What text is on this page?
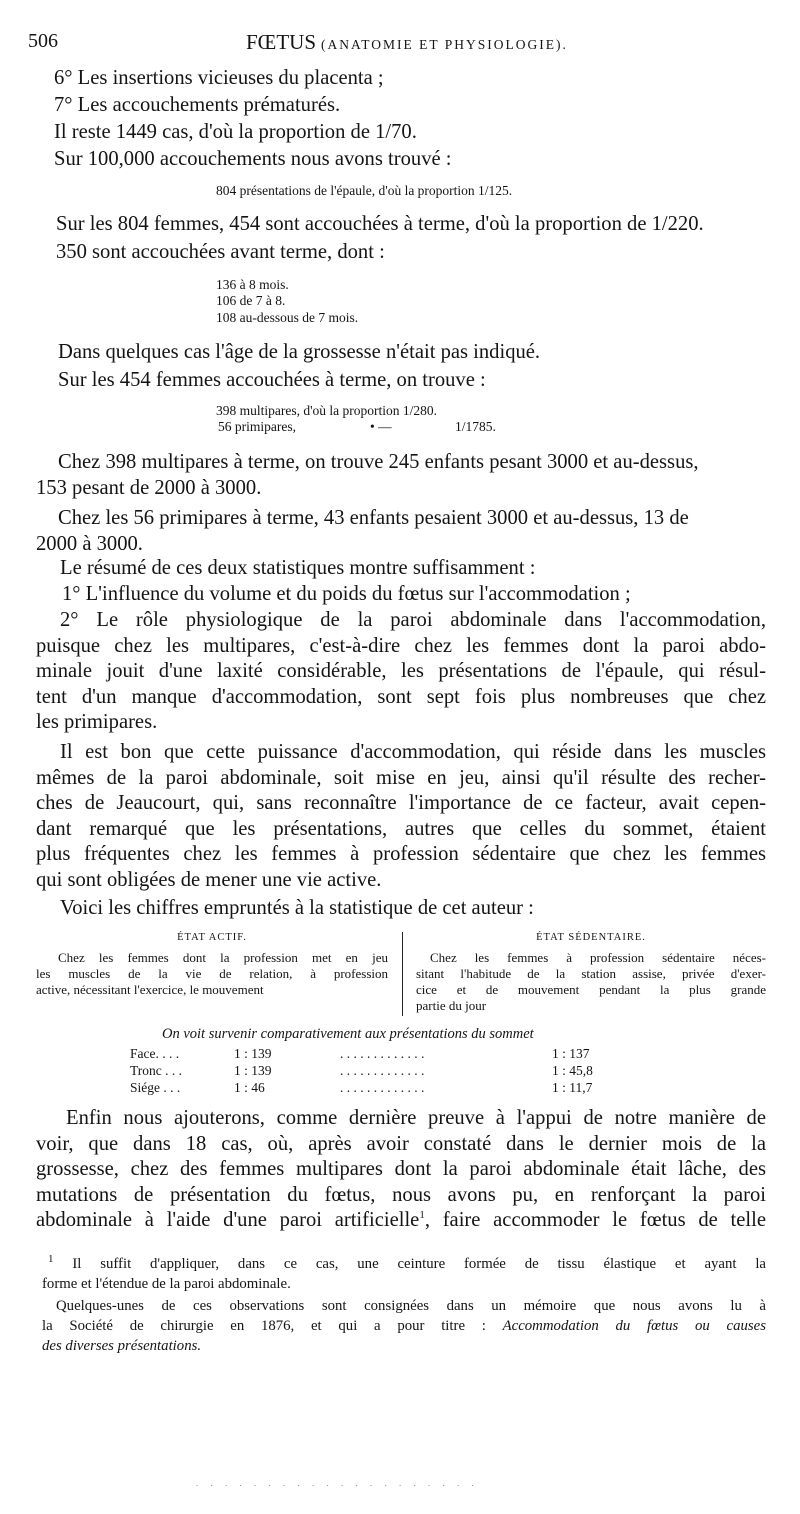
506	FŒTUS (ANATOMIE ET PHYSIOLOGIE).
6° Les insertions vicieuses du placenta ;
7° Les accouchements prématurés.
Il reste 1449 cas, d'où la proportion de 1/70.
Sur 100,000 accouchements nous avons trouvé :
804 présentations de l'épaule, d'où la proportion 1/125.
Sur les 804 femmes, 454 sont accouchées à terme, d'où la proportion de 1/220.
350 sont accouchées avant terme, dont :
136 à 8 mois.
106 de 7 à 8.
108 au-dessous de 7 mois.
Dans quelques cas l'âge de la grossesse n'était pas indiqué.
Sur les 454 femmes accouchées à terme, on trouve :
398 multipares, d'où la proportion 1/280.
56 primipares,	• —	1/1785.
Chez 398 multipares à terme, on trouve 245 enfants pesant 3000 et au-dessus,
153 pesant de 2000 à 3000.
Chez les 56 primipares à terme, 43 enfants pesaient 3000 et au-dessus, 13 de
2000 à 3000.
Le résumé de ces deux statistiques montre suffisamment :
1° L'influence du volume et du poids du fœtus sur l'accommodation ;
2° Le rôle physiologique de la paroi abdominale dans l'accommodation,
puisque chez les multipares, c'est-à-dire chez les femmes dont la paroi abdo-
minale jouit d'une laxité considérable, les présentations de l'épaule, qui résul-
tent d'un manque d'accommodation, sont sept fois plus nombreuses que chez
les primipares.
Il est bon que cette puissance d'accommodation, qui réside dans les muscles
mêmes de la paroi abdominale, soit mise en jeu, ainsi qu'il résulte des recher-
ches de Jeaucourt, qui, sans reconnaître l'importance de ce facteur, avait cepen-
dant remarqué que les présentations, autres que celles du sommet, étaient
plus fréquentes chez les femmes à profession sédentaire que chez les femmes
qui sont obligées de mener une vie active.
Voici les chiffres empruntés à la statistique de cet auteur :
ÉTAT ACTIF.
Chez les femmes dont la profession met en jeu
les muscles de la vie de relation, à profession
active, nécessitant l'exercice, le mouvement
ÉTAT SÉDENTAIRE.
Chez les femmes à profession sédentaire néces-
sitant l'habitude de la station assise, privée d'exer-
cice et de mouvement pendant la plus grande
partie du jour
On voit survenir comparativement aux présentations du sommet
Face. . . .	1 : 139	. . . . . . . . . . . . .	1 : 137
Tronc . . .	1 : 139	. . . . . . . . . . . . .	1 : 45,8
Siége . . .	1 : 46	. . . . . . . . . . . . .	1 : 11,7
Enfin nous ajouterons, comme dernière preuve à l'appui de notre manière de
voir, que dans 18 cas, où, après avoir constaté dans le dernier mois de la
grossesse, chez des femmes multipares dont la paroi abdominale était lâche, des
mutations de présentation du fœtus, nous avons pu, en renforçant la paroi
abdominale à l'aide d'une paroi artificielle$^1$, faire accommoder le fœtus de telle
$^1$ Il suffit d'appliquer, dans ce cas, une ceinture formée de tissu élastique et ayant la
forme et l'étendue de la paroi abdominale.
Quelques-unes de ces observations sont consignées dans un mémoire que nous avons lu à
la Société de chirurgie en 1876, et qui a pour titre : Accommodation du fœtus ou causes
des diverses présentations.
. . . . . . . . . . . . . . . . . . . .
